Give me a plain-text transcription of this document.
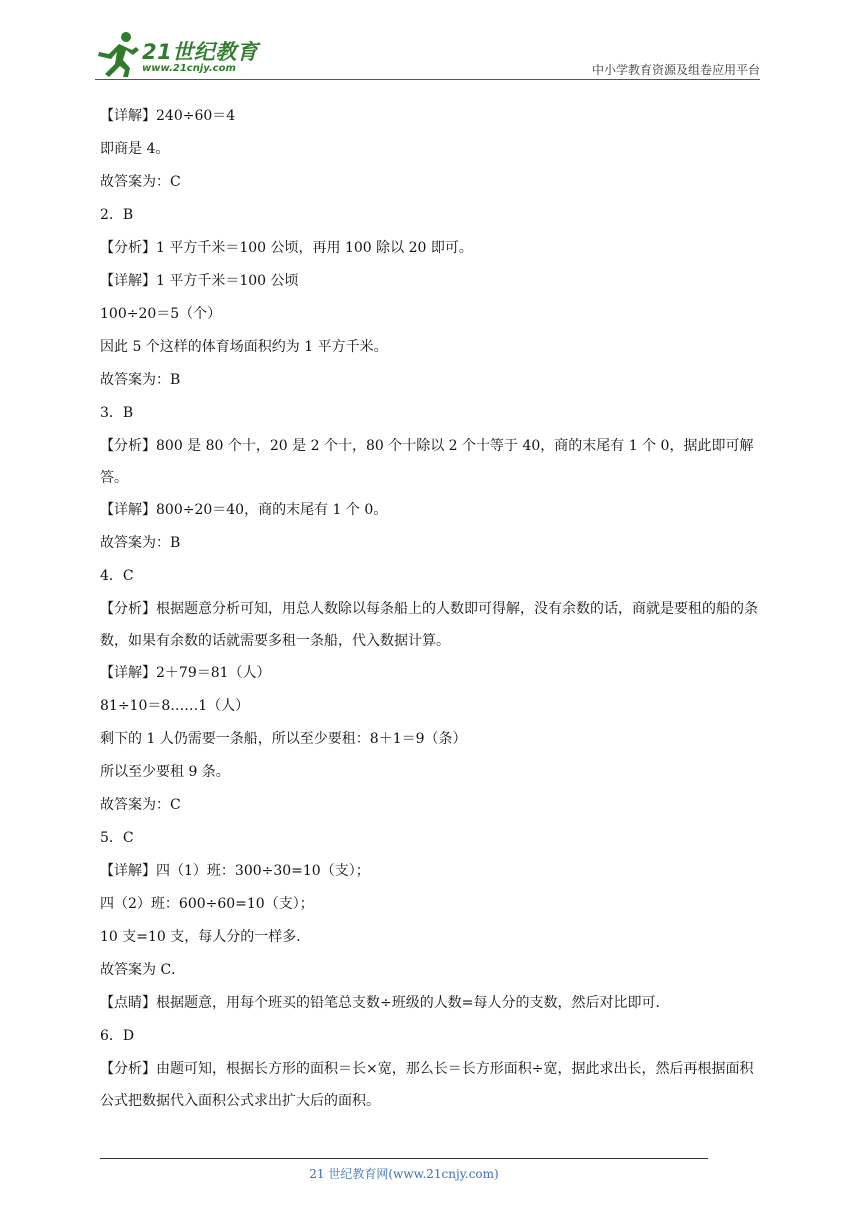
21世纪教育
www.21cnjy.com	中小学教育资源及组卷应用平台
【详解】240÷60＝4
即商是 4。
故答案为：C
2．B
【分析】1 平方千米＝100 公顷，再用 100 除以 20 即可。
【详解】1 平方千米＝100 公顷
100÷20＝5（个）
因此 5 个这样的体育场面积约为 1 平方千米。
故答案为：B
3．B
【分析】800 是 80 个十，20 是 2 个十，80 个十除以 2 个十等于 40，商的末尾有 1 个 0，据此即可解答。
【详解】800÷20＝40，商的末尾有 1 个 0。
故答案为：B
4．C
【分析】根据题意分析可知，用总人数除以每条船上的人数即可得解，没有余数的话，商就是要租的船的条数，如果有余数的话就需要多租一条船，代入数据计算。
【详解】2＋79＝81（人）
81÷10＝8……1（人）
剩下的 1 人仍需要一条船，所以至少要租：8＋1＝9（条）
所以至少要租 9 条。
故答案为：C
5．C
【详解】四（1）班：300÷30=10（支）；
四（2）班：600÷60=10（支）；
10 支=10 支，每人分的一样多．
故答案为 C．
【点睛】根据题意，用每个班买的铅笔总支数÷班级的人数=每人分的支数，然后对比即可．
6．D
【分析】由题可知，根据长方形的面积＝长×宽，那么长＝长方形面积÷宽，据此求出长，然后再根据面积公式把数据代入面积公式求出扩大后的面积。
21 世纪教育网(www.21cnjy.com)
